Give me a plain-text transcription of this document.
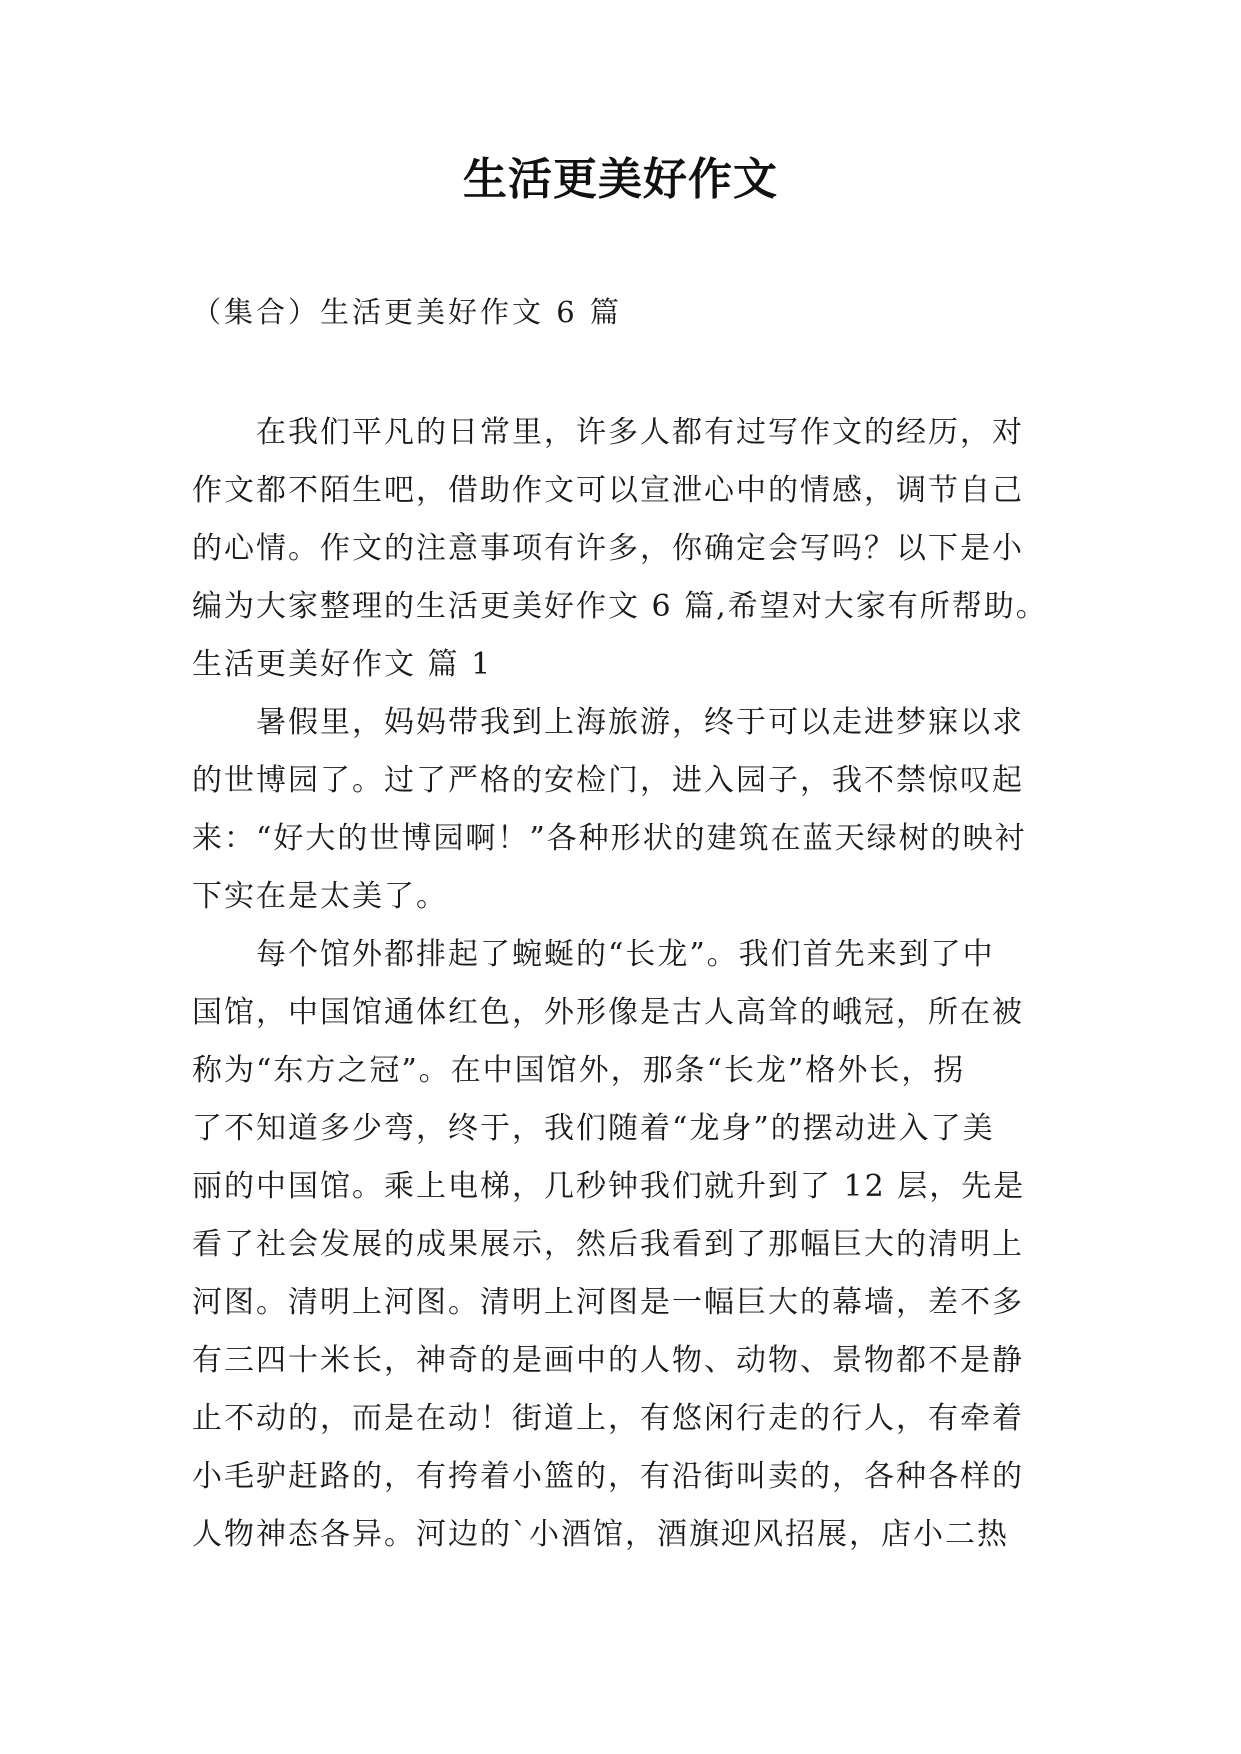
生活更美好作文
（集合）生活更美好作文 6 篇
在我们平凡的日常里，许多人都有过写作文的经历，对
作文都不陌生吧，借助作文可以宣泄心中的情感，调节自己
的心情。作文的注意事项有许多，你确定会写吗？以下是小
编为大家整理的生活更美好作文 6 篇,希望对大家有所帮助。
生活更美好作文 篇 1
暑假里，妈妈带我到上海旅游，终于可以走进梦寐以求
的世博园了。过了严格的安检门，进入园子，我不禁惊叹起
来：“好大的世博园啊！”各种形状的建筑在蓝天绿树的映衬
下实在是太美了。
每个馆外都排起了蜿蜒的“长龙”。我们首先来到了中
国馆，中国馆通体红色，外形像是古人高耸的峨冠，所在被
称为“东方之冠”。在中国馆外，那条“长龙”格外长，拐
了不知道多少弯，终于，我们随着“龙身”的摆动进入了美
丽的中国馆。乘上电梯，几秒钟我们就升到了 12 层，先是
看了社会发展的成果展示，然后我看到了那幅巨大的清明上
河图。清明上河图。清明上河图是一幅巨大的幕墙，差不多
有三四十米长，神奇的是画中的人物、动物、景物都不是静
止不动的，而是在动！街道上，有悠闲行走的行人，有牵着
小毛驴赶路的，有挎着小篮的，有沿街叫卖的，各种各样的
人物神态各异。河边的`小酒馆，酒旗迎风招展，店小二热
